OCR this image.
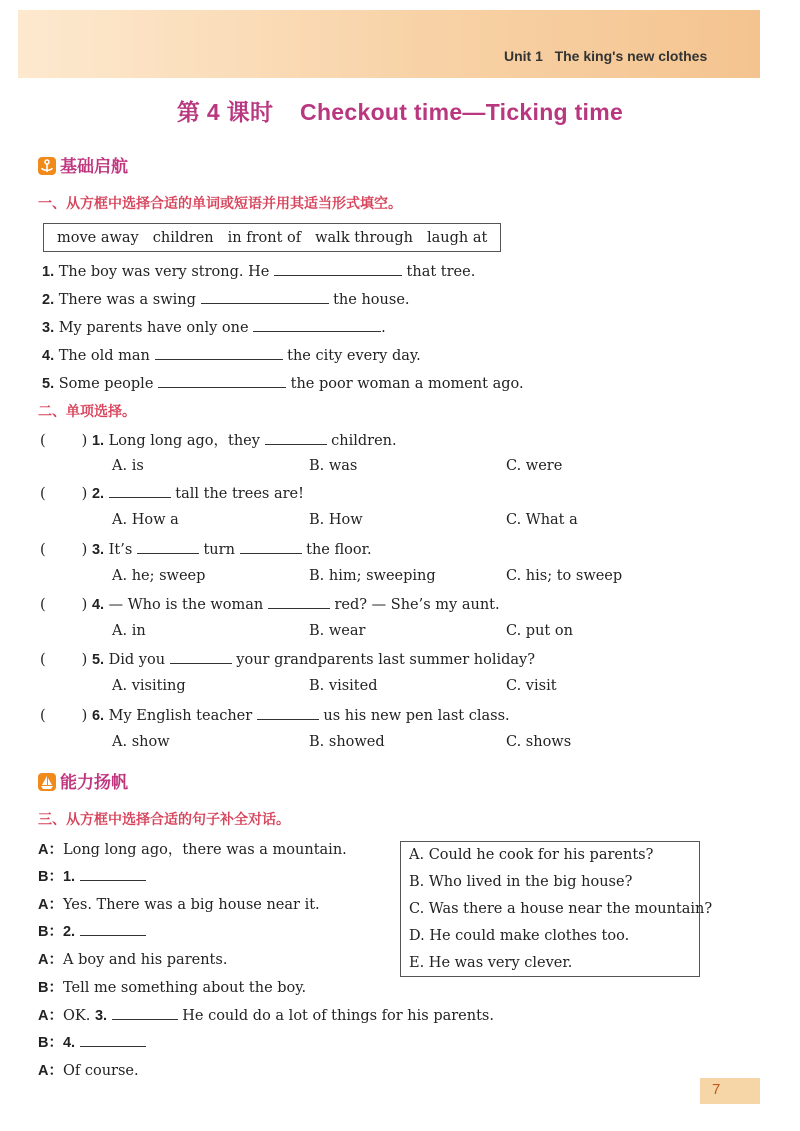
Unit 1 The king's new clothes
第 4 课时    Checkout time—Ticking time
基础启航
一、从方框中选择合适的单词或短语并用其适当形式填空。
move away children in front of walk through laugh at
1. The boy was very strong. He	that tree.
2. There was a swing	the house.
3. My parents have only one	.
4. The old man	the city every day.
5. Some people	the poor woman a moment ago.
二、单项选择。
( ) 1. Long long ago，they	children.
A. is	B. was	C. were
( ) 2.	tall the trees are!
A. How a	B. How	C. What a
( ) 3. It’s	turn	the floor.
A. he; sweep	B. him; sweeping	C. his; to sweep
( ) 4. — Who is the woman	red? — She’s my aunt.
A. in	B. wear	C. put on
( ) 5. Did you	your grandparents last summer holiday?
A. visiting	B. visited	C. visit
( ) 6. My English teacher	us his new pen last class.
A. show	B. showed	C. shows
能力扬帆
三、从方框中选择合适的句子补全对话。
A：Long long ago，there was a mountain.
B：1.
A：Yes. There was a big house near it.
B：2.
A：A boy and his parents.
B：Tell me something about the boy.
A：OK. 3.	He could do a lot of things for his parents.
B：4.
A：Of course.
A. Could he cook for his parents?
B. Who lived in the big house?
C. Was there a house near the mountain?
D. He could make clothes too.
E. He was very clever.
7
